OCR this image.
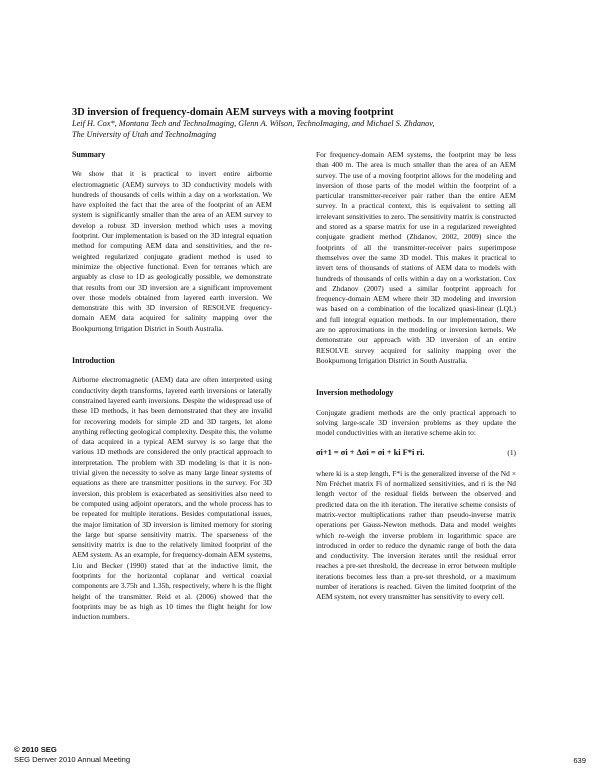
3D inversion of frequency-domain AEM surveys with a moving footprint
Leif H. Cox*, Montana Tech and TechnoImaging, Glenn A. Wilson, TechnoImaging, and Michael S. Zhdanov,
The University of Utah and TechnoImaging
Summary

We show that it is practical to invert entire airborne electromagnetic (AEM) surveys to 3D conductivity models with hundreds of thousands of cells within a day on a workstation. We have exploited the fact that the area of the footprint of an AEM system is significantly smaller than the area of an AEM survey to develop a robust 3D inversion method which uses a moving footprint. Our implementation is based on the 3D integral equation method for computing AEM data and sensitivities, and the re-weighted regularized conjugate gradient method is used to minimize the objective functional. Even for terranes which are arguably as close to 1D as geologically possible, we demonstrate that results from our 3D inversion are a significant improvement over those models obtained from layered earth inversion. We demonstrate this with 3D inversion of RESOLVE frequency-domain AEM data acquired for salinity mapping over the Bookpurnong Irrigation District in South Australia.

Introduction

Airborne electromagnetic (AEM) data are often interpreted using conductivity depth transforms, layered earth inversions or laterally constrained layered earth inversions. Despite the widespread use of these 1D methods, it has been demonstrated that they are invalid for recovering models for simple 2D and 3D targets, let alone anything reflecting geological complexity. Despite this, the volume of data acquired in a typical AEM survey is so large that the various 1D methods are considered the only practical approach to interpretation. The problem with 3D modeling is that it is non-trivial given the necessity to solve as many large linear systems of equations as there are transmitter positions in the survey. For 3D inversion, this problem is exacerbated as sensitivities also need to be computed using adjoint operators, and the whole process has to be repeated for multiple iterations. Besides computational issues, the major limitation of 3D inversion is limited memory for storing the large but sparse sensitivity matrix. The sparseness of the sensitivity matrix is due to the relatively limited footprint of the AEM system. As an example, for frequency-domain AEM systems, Liu and Becker (1990) stated that at the inductive limit, the footprints for the horizontal coplanar and vertical coaxial components are 3.75h and 1.35h, respectively, where h is the flight height of the transmitter. Reid et al. (2006) showed that the footprints may be as high as 10 times the flight height for low induction numbers.

For frequency-domain AEM systems, the footprint may be less than 400 m. The area is much smaller than the area of an AEM survey. The use of a moving footprint allows for the modeling and inversion of those parts of the model within the footprint of a particular transmitter-receiver pair rather than the entire AEM survey. In a practical context, this is equivalent to setting all irrelevant sensitivities to zero. The sensitivity matrix is constructed and stored as a sparse matrix for use in a regularized reweighted conjugate gradient method (Zhdanov, 2002, 2009) since the footprints of all the transmitter-receiver pairs superimpose themselves over the same 3D model. This makes it practical to invert tens of thousands of stations of AEM data to models with hundreds of thousands of cells within a day on a workstation. Cox and Zhdanov (2007) used a similar footprint approach for frequency-domain AEM where their 3D modeling and inversion was based on a combination of the localized quasi-linear (LQL) and full integral equation methods. In our implementation, there are no approximations in the modeling or inversion kernels. We demonstrate our approach with 3D inversion of an entire RESOLVE survey acquired for salinity mapping over the Bookpurnong Irrigation District in South Australia.

Inversion methodology

Conjugate gradient methods are the only practical approach to solving large-scale 3D inversion problems as they update the model conductivities with an iterative scheme akin to:

σi+1 = σi + Δσi = σi + ki F*i ri.	(1)

where ki is a step length, F*i is the generalized inverse of the Nd × Nm Fréchet matrix Fi of normalized sensitivities, and ri is the Nd length vector of the residual fields between the observed and predicted data on the ith iteration. The iterative scheme consists of matrix-vector multiplications rather than pseudo-inverse matrix operations per Gauss-Newton methods. Data and model weights which re-weigh the inverse problem in logarithmic space are introduced in order to reduce the dynamic range of both the data and conductivity. The inversion iterates until the residual error reaches a pre-set threshold, the decrease in error between multiple iterations becomes less than a pre-set threshold, or a maximum number of iterations is reached. Given the limited footprint of the AEM system, not every transmitter has sensitivity to every cell.

© 2010 SEG
SEG Denver 2010 Annual Meeting	639
